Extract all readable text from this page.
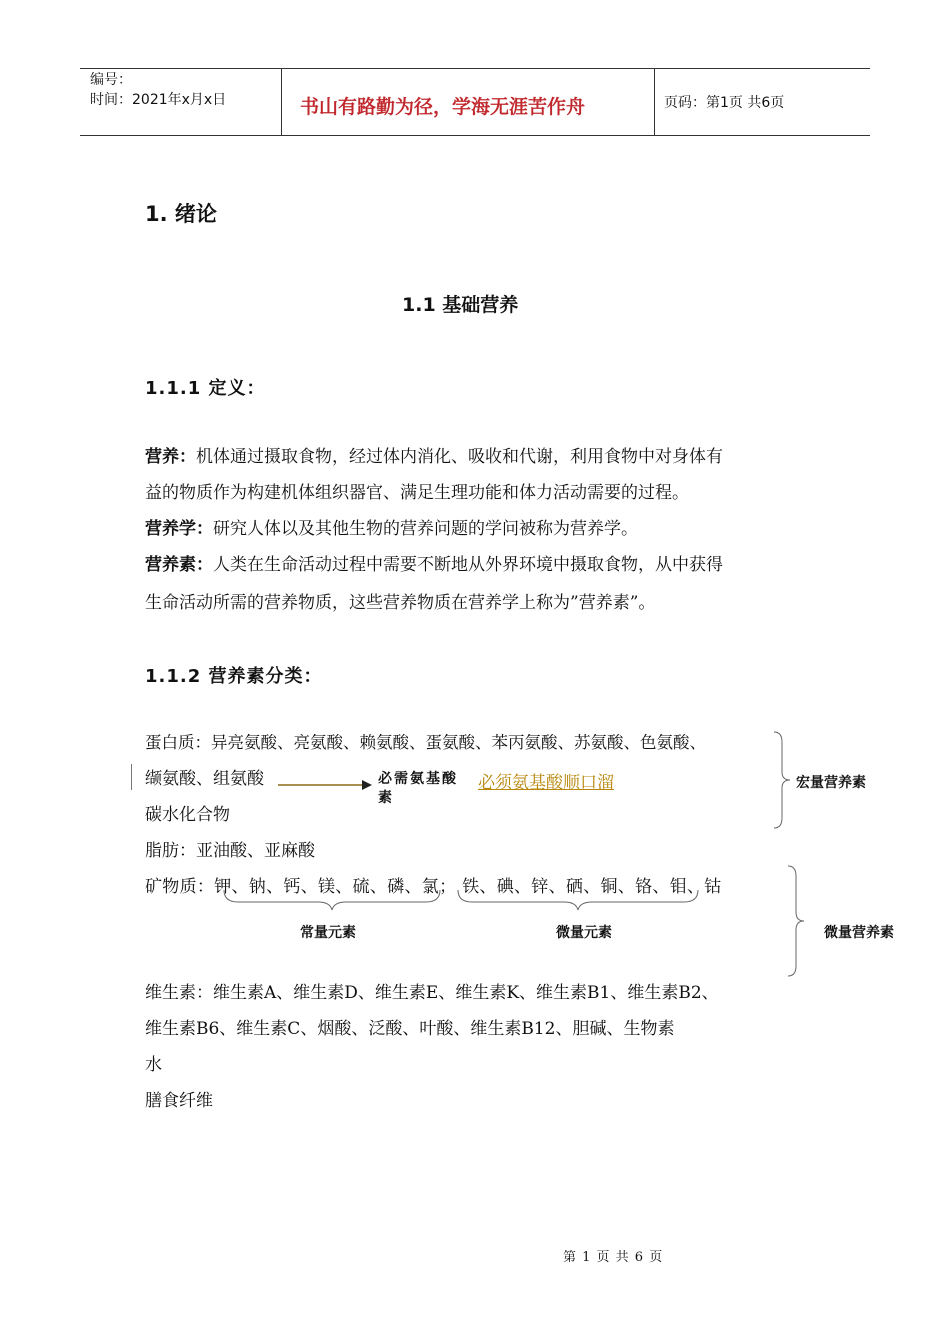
编号：
时间：2021年x月x日	书山有路勤为径，学海无涯苦作舟	页码：第1页 共6页
1. 绪论
1.1 基础营养
1.1.1 定义：
营养：机体通过摄取食物，经过体内消化、吸收和代谢，利用食物中对身体有
益的物质作为构建机体组织器官、满足生理功能和体力活动需要的过程。
营养学：研究人体以及其他生物的营养问题的学问被称为营养学。
营养素：人类在生命活动过程中需要不断地从外界环境中摄取食物，从中获得
生命活动所需的营养物质，这些营养物质在营养学上称为”营养素”。
1.1.2 营养素分类：
蛋白质：异亮氨酸、亮氨酸、赖氨酸、蛋氨酸、苯丙氨酸、苏氨酸、色氨酸、
缬氨酸、组氨酸	必需氨基酸
素
必须氨基酸顺口溜
碳水化合物
脂肪：亚油酸、亚麻酸
矿物质：钾、钠、钙、镁、硫、磷、氯； 铁、碘、锌、硒、铜、铬、钼、钴
常量元素	微量元素
宏量营养素
微量营养素
维生素：维生素A、维生素D、维生素E、维生素K、维生素B1、维生素B2、
维生素B6、维生素C、烟酸、泛酸、叶酸、维生素B12、胆碱、生物素
水
膳食纤维
第 1 页 共 6 页
